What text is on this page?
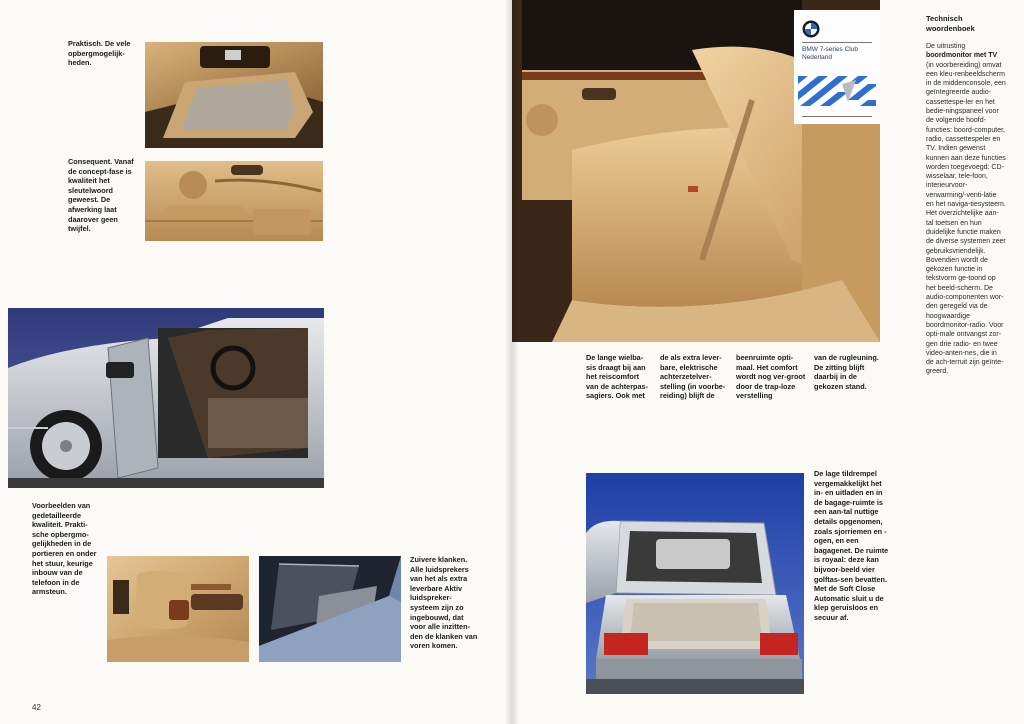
Praktisch. De vele opbergmogelijk-heden.

Consequent. Vanaf de concept-fase is kwaliteit het sleutelwoord geweest. De afwerking laat daarover geen twijfel.

Voorbeelden van gedetailleerde kwaliteit. Prakti-sche opbergmo-gelijkheden in de portieren en onder het stuur, keurige inbouw van de telefoon in de armsteun.

Zuivere klanken. Alle luidsprekers van het als extra leverbare Aktiv luidspreker-systeem zijn zo ingebouwd, dat voor alle inzitten-den de klanken van voren komen.

42
BMW 7-series Club
Nederland

De lange wielba-sis draagt bij aan het reiscomfort van de achterpas-sagiers. Ook met

de als extra lever-bare, elektrische achterzetelver-stelling (in voorbe-reiding) blijft de

beenruimte opti-maal. Het comfort wordt nog ver-groot door de trap-loze verstelling

van de rugleuning. De zitting blijft daarbij in de gekozen stand.

De lage tildrempel vergemakkelijkt het in- en uitladen en in de bagage-ruimte is een aan-tal nuttige details opgenomen, zoals sjorriemen en -ogen, en een bagagenet. De ruimte is royaal: deze kan bijvoor-beeld vier golftas-sen bevatten. Met de Soft Close Automatic sluit u de klep geruisloos en secuur af.

Technisch woordenboek
De uitrusting boordmonitor met TV (in voorbereiding) omvat een kleu-renbeeldscherm in de middenconsole, een geïntegreerde audio-cassettespe-ler en het bedie-ningspaneel voor de volgende hoofd-functies: boord-computer, radio, cassettespeler en TV. Indien gewenst kunnen aan deze functies worden toegevoegd: CD-wisselaar, tele-foon, interieurvoor-verwarming/-venti-latie en het naviga-tiesysteem. Het overzichtelijke aan-tal toetsen en hun duidelijke functie maken de diverse systemen zeer gebruiksvriendelijk. Bovendien wordt de gekozen functie in tekstvorm ge-toond op het beeld-scherm. De audio-componenten wor-den geregeld via de hoogwaardige boordmonitor-radio. Voor opti-male ontvangst zor-gen drie radio- en twee video-anten-nes, die in de ach-terruit zijn geïnte-greerd.
